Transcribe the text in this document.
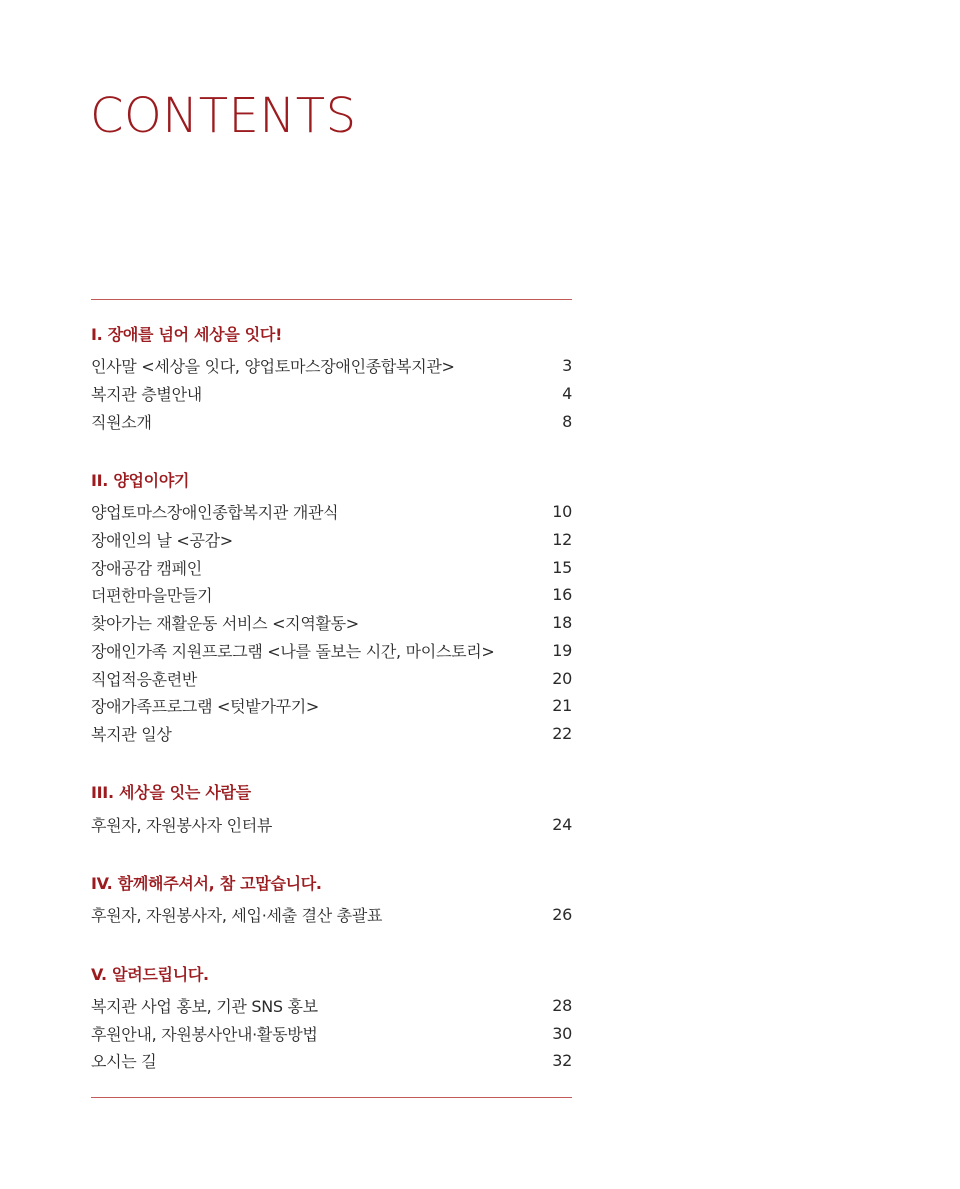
CONTENTS
I. 장애를 넘어 세상을 잇다!
인사말 <세상을 잇다, 양업토마스장애인종합복지관>	3
복지관 층별안내	4
직원소개	8
II. 양업이야기
양업토마스장애인종합복지관 개관식	10
장애인의 날 <공감>	12
장애공감 캠페인	15
더편한마을만들기	16
찾아가는 재활운동 서비스 <지역활동>	18
장애인가족 지원프로그램 <나를 돌보는 시간, 마이스토리>	19
직업적응훈련반	20
장애가족프로그램 <텃밭가꾸기>	21
복지관 일상	22
III. 세상을 잇는 사람들
후원자, 자원봉사자 인터뷰	24
IV. 함께해주셔서, 참 고맙습니다.
후원자, 자원봉사자, 세입·세출 결산 총괄표	26
V. 알려드립니다.
복지관 사업 홍보, 기관 SNS 홍보	28
후원안내, 자원봉사안내·활동방법	30
오시는 길	32
